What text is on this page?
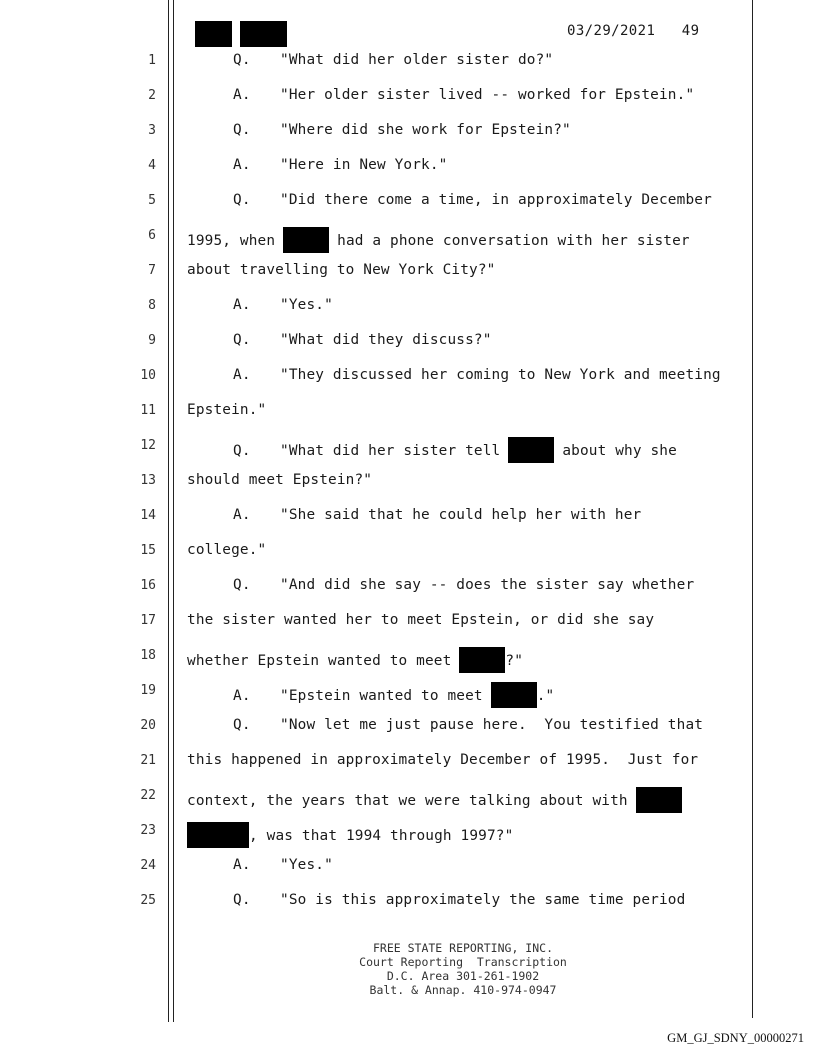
03/29/2021 49
1	Q. "What did her older sister do?"
2	A. "Her older sister lived -- worked for Epstein."
3	Q. "Where did she work for Epstein?"
4	A. "Here in New York."
5	Q. "Did there come a time, in approximately December
6 1995, when	had a phone conversation with her sister
7 about travelling to New York City?"
8	A. "Yes."
9	Q. "What did they discuss?"
10	A. "They discussed her coming to New York and meeting
11 Epstein."
12	Q. "What did her sister tell	about why she
13 should meet Epstein?"
14	A. "She said that he could help her with her
15 college."
16	Q. "And did she say -- does the sister say whether
17 the sister wanted her to meet Epstein, or did she say
18 whether Epstein wanted to meet	?"
19	A. "Epstein wanted to meet	."
20	Q. "Now let me just pause here.  You testified that
21 this happened in approximately December of 1995.  Just for
22 context, the years that we were talking about with
23	, was that 1994 through 1997?"
24	A. "Yes."
25	Q. "So is this approximately the same time period
FREE STATE REPORTING, INC.
Court Reporting  Transcription
D.C. Area 301-261-1902
Balt. & Annap. 410-974-0947
GM_GJ_SDNY_00000271
